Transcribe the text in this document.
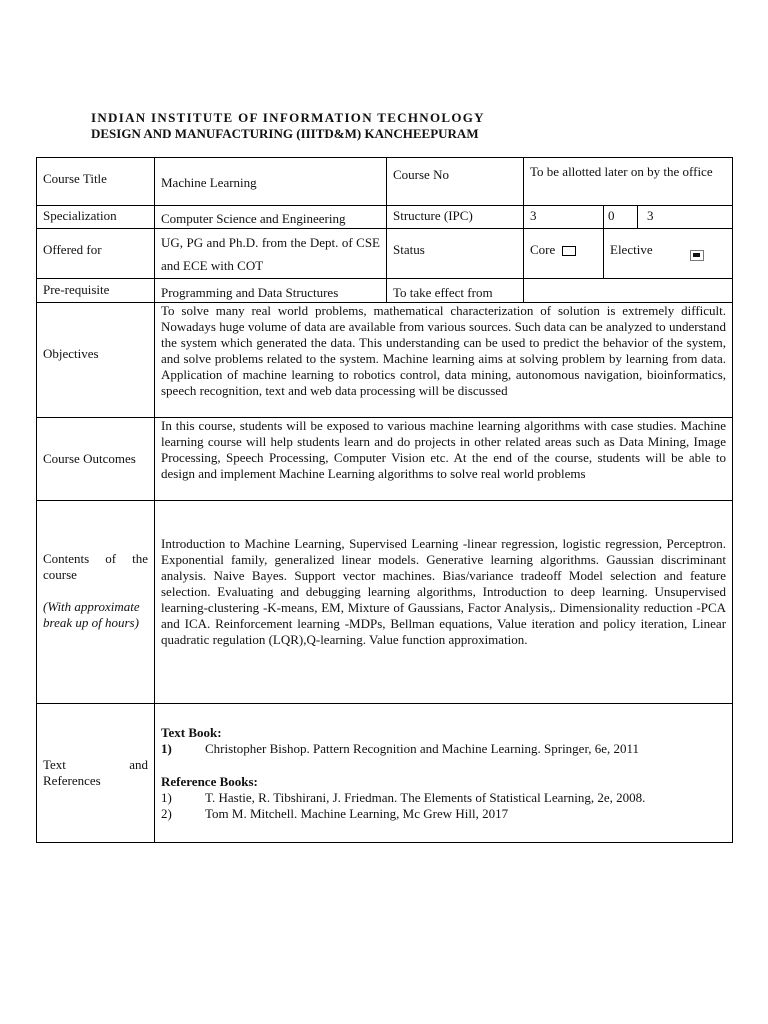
INDIAN INSTITUTE OF INFORMATION TECHNOLOGY

DESIGN AND MANUFACTURING (IIITD&M) KANCHEEPURAM

Course Title	Machine Learning	Course No	To be allotted later on by the office		
Specialization	Computer Science and Engineering	Structure (IPC)	3	0	3
Offered for	UG, PG and Ph.D. from the Dept. of CSE and ECE with COT	Status	Core	Elective	
Pre-requisite	Programming and Data Structures	To take effect from			
Objectives	To solve many real world problems, mathematical characterization of solution is extremely difficult. Nowadays huge volume of data are available from various sources. Such data can be analyzed to understand the system which generated the data. This understanding can be used to predict the behavior of the system, and solve problems related to the system. Machine learning aims at solving problem by learning from data. Application of machine learning to robotics control, data mining, autonomous navigation, bioinformatics, speech recognition, text and web data processing will be discussed				
Course Outcomes	In this course, students will be exposed to various machine learning algorithms with case studies. Machine learning course will help students learn and do projects in other related areas such as Data Mining, Image Processing, Speech Processing, Computer Vision etc. At the end of the course, students will be able to design and implement Machine Learning algorithms to solve real world problems				

Contents of the course
(With approximate break up of hours)	Introduction to Machine Learning, Supervised Learning -linear regression, logistic regression, Perceptron. Exponential family, generalized linear models. Generative learning algorithms. Gaussian discriminant analysis. Naive Bayes. Support vector machines. Bias/variance tradeoff Model selection and feature selection. Evaluating and debugging learning algorithms, Introduction to deep learning. Unsupervised learning-clustering -K-means, EM, Mixture of Gaussians, Factor Analysis,. Dimensionality reduction -PCA and ICA. Reinforcement learning -MDPs, Bellman equations, Value iteration and policy iteration, Linear quadratic regulation (LQR),Q-learning. Value function approximation.				
Text and References	Text Book:
1) Christopher Bishop. Pattern Recognition and Machine Learning. Springer, 6e, 2011
Reference Books:
1) T. Hastie, R. Tibshirani, J. Friedman. The Elements of Statistical Learning, 2e, 2008.
2) Tom M. Mitchell. Machine Learning, Mc Grew Hill, 2017				
